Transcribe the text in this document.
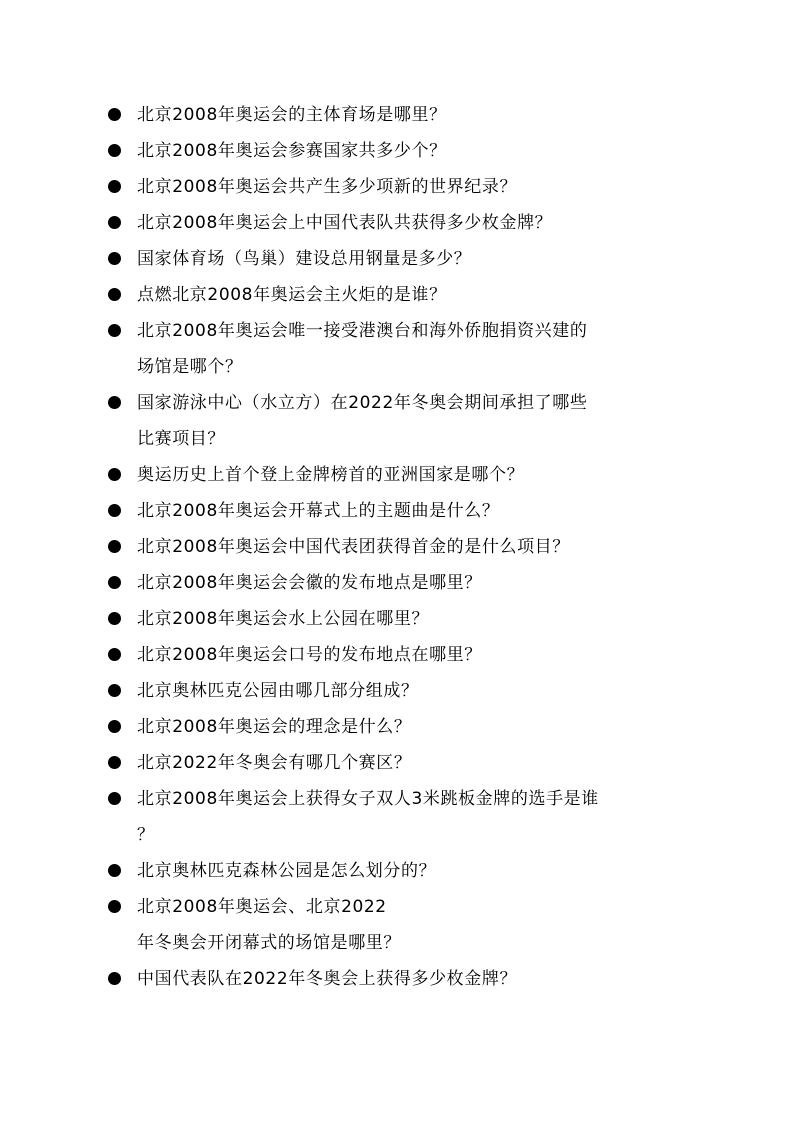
北京2008年奥运会的主体育场是哪里？
北京2008年奥运会参赛国家共多少个？
北京2008年奥运会共产生多少项新的世界纪录？
北京2008年奥运会上中国代表队共获得多少枚金牌？
国家体育场（鸟巢）建设总用钢量是多少？
点燃北京2008年奥运会主火炬的是谁？
北京2008年奥运会唯一接受港澳台和海外侨胞捐资兴建的
场馆是哪个？
国家游泳中心（水立方）在2022年冬奥会期间承担了哪些
比赛项目？
奥运历史上首个登上金牌榜首的亚洲国家是哪个？
北京2008年奥运会开幕式上的主题曲是什么？
北京2008年奥运会中国代表团获得首金的是什么项目？
北京2008年奥运会会徽的发布地点是哪里？
北京2008年奥运会水上公园在哪里？
北京2008年奥运会口号的发布地点在哪里？
北京奥林匹克公园由哪几部分组成？
北京2008年奥运会的理念是什么？
北京2022年冬奥会有哪几个赛区？
北京2008年奥运会上获得女子双人3米跳板金牌的选手是谁
？
北京奥林匹克森林公园是怎么划分的？
北京2008年奥运会、北京2022
年冬奥会开闭幕式的场馆是哪里？
中国代表队在2022年冬奥会上获得多少枚金牌？
